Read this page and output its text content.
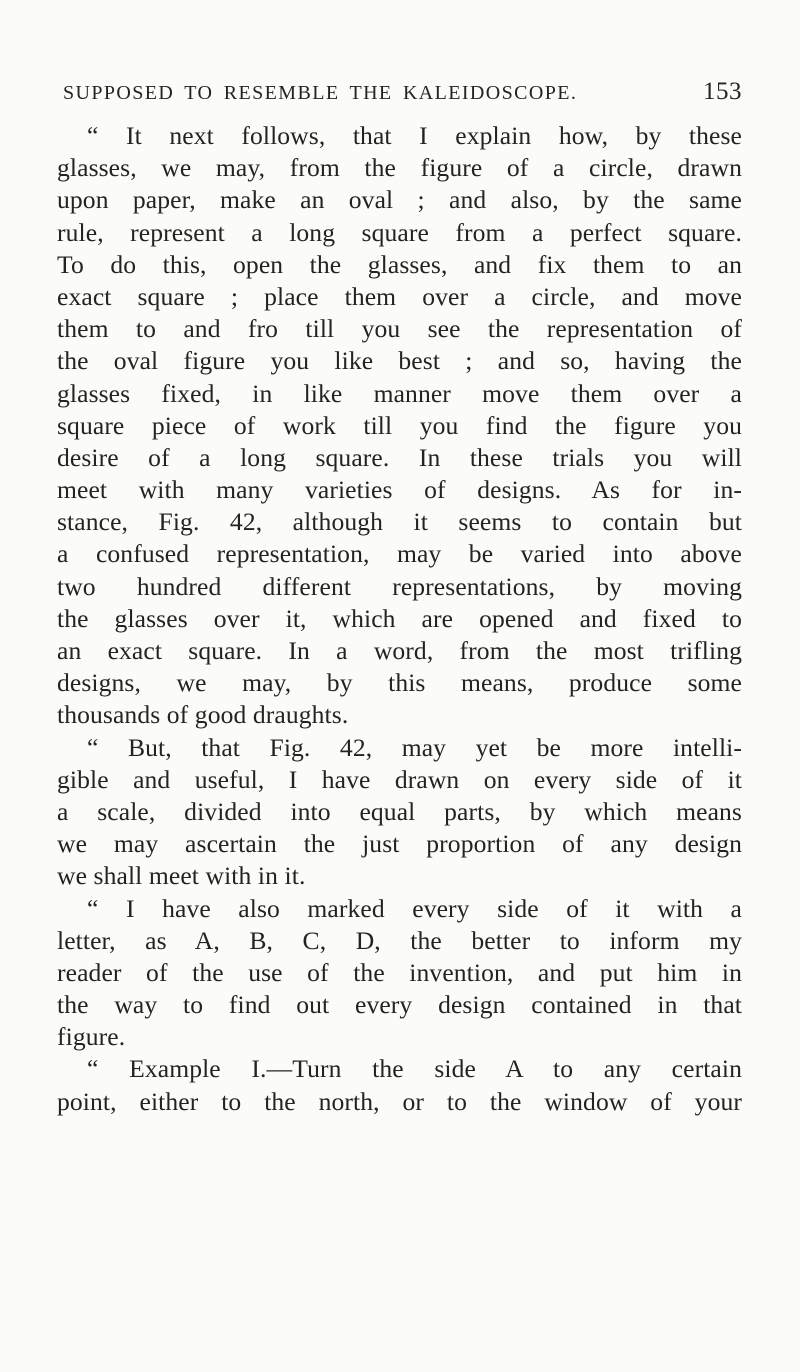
SUPPOSED TO RESEMBLE THE KALEIDOSCOPE.	153
“ It next follows, that I explain how, by these
glasses, we may, from the figure of a circle, drawn
upon paper, make an oval ; and also, by the same
rule, represent a long square from a perfect square.
To do this, open the glasses, and fix them to an
exact square ; place them over a circle, and move
them to and fro till you see the representation of
the oval figure you like best ; and so, having the
glasses fixed, in like manner move them over a
square piece of work till you find the figure you
desire of a long square. In these trials you will
meet with many varieties of designs. As for in-
stance, Fig. 42, although it seems to contain but
a confused representation, may be varied into above
two hundred different representations, by moving
the glasses over it, which are opened and fixed to
an exact square. In a word, from the most trifling
designs, we may, by this means, produce some
thousands of good draughts.
“ But, that Fig. 42, may yet be more intelli-
gible and useful, I have drawn on every side of it
a scale, divided into equal parts, by which means
we may ascertain the just proportion of any design
we shall meet with in it.
“ I have also marked every side of it with a
letter, as A, B, C, D, the better to inform my
reader of the use of the invention, and put him in
the way to find out every design contained in that
figure.
“ Example I.—Turn the side A to any certain
point, either to the north, or to the window of your
